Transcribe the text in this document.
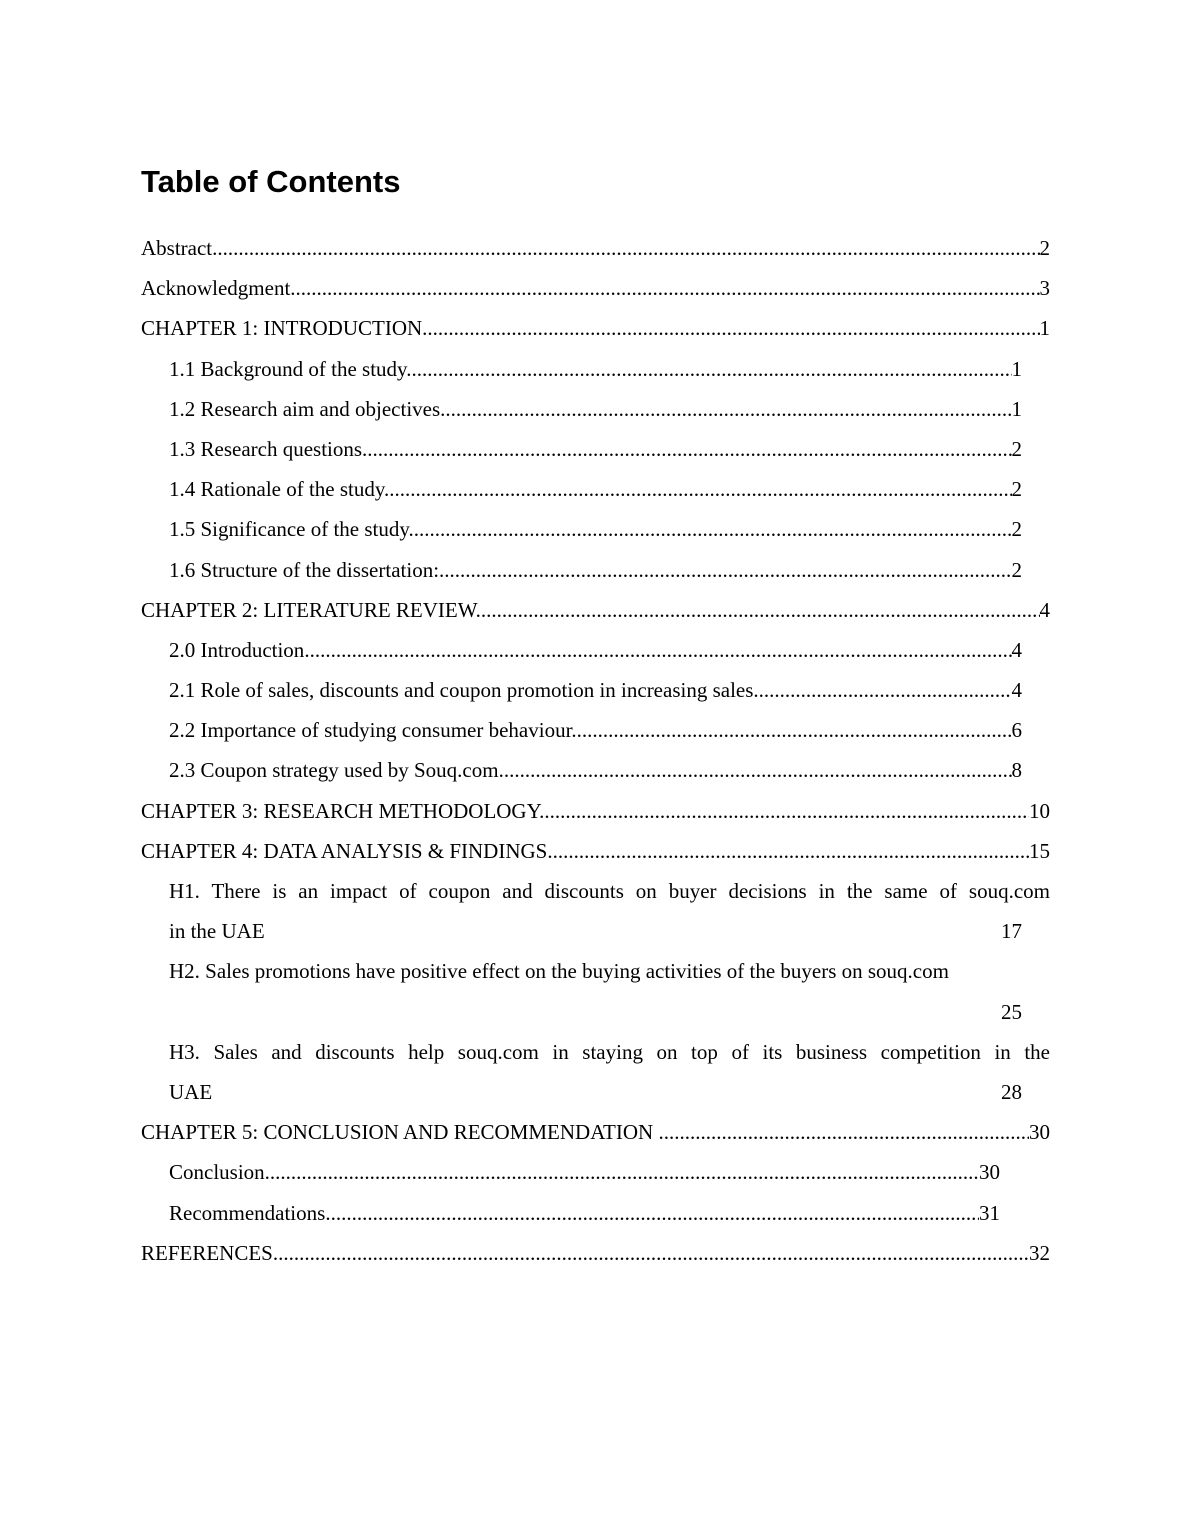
Table of Contents
Abstract .....	2
Acknowledgment .....	3
CHAPTER 1: INTRODUCTION .....	1
1.1 Background of the study .....	1
1.2 Research aim and objectives .....	1
1.3 Research questions .....	2
1.4 Rationale of the study .....	2
1.5 Significance of the study .....	2
1.6 Structure of the dissertation: .....	2
CHAPTER 2: LITERATURE REVIEW .....	4
2.0 Introduction .....	4
2.1 Role of sales, discounts and coupon promotion in increasing sales .....	4
2.2 Importance of studying consumer behaviour .....	6
2.3 Coupon strategy used by Souq.com .....	8
CHAPTER 3: RESEARCH METHODOLOGY .....	10
CHAPTER 4: DATA ANALYSIS & FINDINGS .....	15
H1. There is an impact of coupon and discounts on buyer decisions in the same of souq.com
in the UAE	17
H2. Sales promotions have positive effect on the buying activities of the buyers on souq.com
25
H3. Sales and discounts help souq.com in staying on top of its business competition in the
UAE	28
CHAPTER 5: CONCLUSION AND RECOMMENDATION .....	30
Conclusion .....	30
Recommendations .....	31
REFERENCES .....	32
